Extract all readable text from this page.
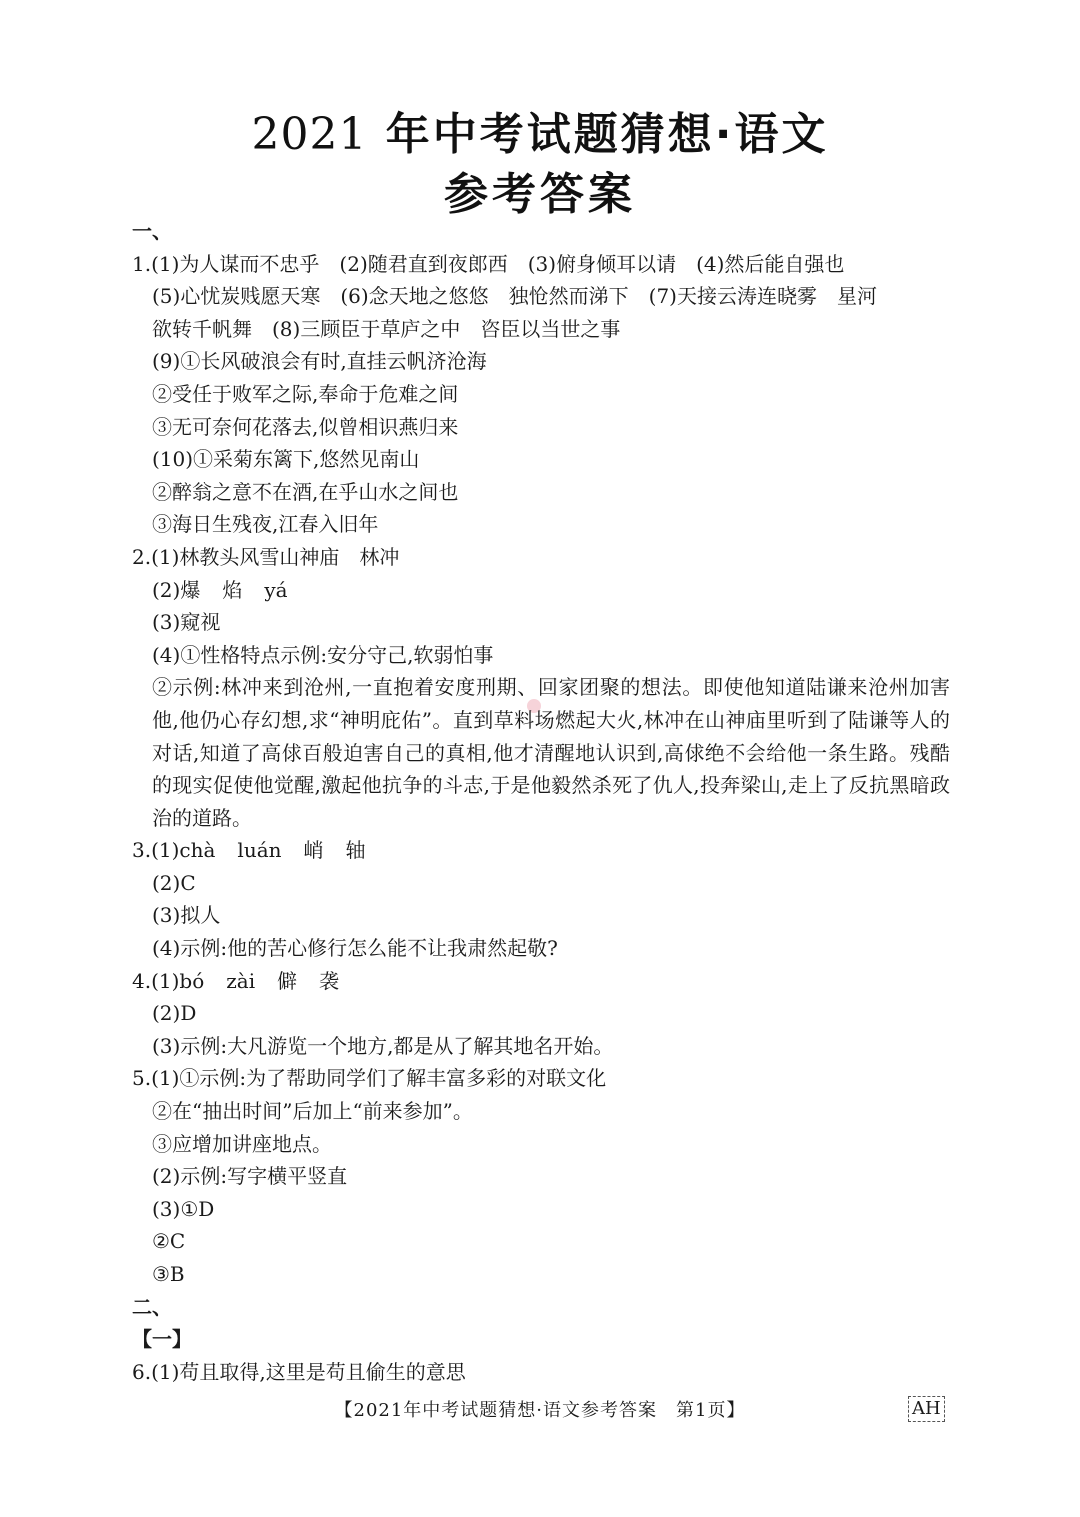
2021 年中考试题猜想·语文
参考答案
一、
1.(1)为人谋而不忠乎　(2)随君直到夜郎西　(3)俯身倾耳以请　(4)然后能自强也
(5)心忧炭贱愿天寒　(6)念天地之悠悠　独怆然而涕下　(7)天接云涛连晓雾　星河
欲转千帆舞　(8)三顾臣于草庐之中　咨臣以当世之事
(9)①长风破浪会有时,直挂云帆济沧海
②受任于败军之际,奉命于危难之间
③无可奈何花落去,似曾相识燕归来
(10)①采菊东篱下,悠然见南山
②醉翁之意不在酒,在乎山水之间也
③海日生残夜,江春入旧年
2.(1)林教头风雪山神庙　林冲
(2)爆 焰 yá
(3)窥视
(4)①性格特点示例:安分守己,软弱怕事
②示例:林冲来到沧州,一直抱着安度刑期、回家团聚的想法。即使他知道陆谦来沧州加害他,他仍心存幻想,求“神明庇佑”。直到草料场燃起大火,林冲在山神庙里听到了陆谦等人的对话,知道了高俅百般迫害自己的真相,他才清醒地认识到,高俅绝不会给他一条生路。残酷的现实促使他觉醒,激起他抗争的斗志,于是他毅然杀死了仇人,投奔梁山,走上了反抗黑暗政治的道路。
3.(1)chà luán 峭 轴
(2)C
(3)拟人
(4)示例:他的苦心修行怎么能不让我肃然起敬?
4.(1)bó zài 僻 袭
(2)D
(3)示例:大凡游览一个地方,都是从了解其地名开始。
5.(1)①示例:为了帮助同学们了解丰富多彩的对联文化
②在“抽出时间”后加上“前来参加”。
③应增加讲座地点。
(2)示例:写字横平竖直
(3)①D
②C
③B
二、
【一】
6.(1)苟且取得,这里是苟且偷生的意思
【2021年中考试题猜想·语文参考答案　第1页】	AH
